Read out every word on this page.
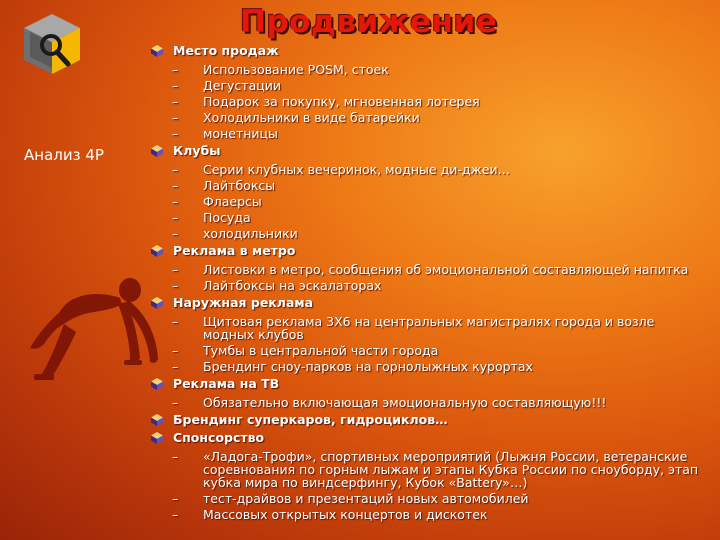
Продвижение
Анализ 4Р
Место продаж
– Использование POSM, стоек
– Дегустации
– Подарок за покупку, мгновенная лотерея
– Холодильники в виде батарейки
– монетницы
Клубы
– Серии клубных вечеринок, модные ди-джеи…
– Лайтбоксы
– Флаерсы
– Посуда
– холодильники
Реклама в метро
– Листовки в метро, сообщения об эмоциональной составляющей напитка
– Лайтбоксы на эскалаторах
Наружная реклама
– Щитовая реклама 3Х6 на центральных магистралях города и возле модных клубов
– Тумбы в центральной части города
– Брендинг сноу-парков на горнолыжных курортах
Реклама на ТВ
– Обязательно включающая эмоциональную составляющую!!!
Брендинг суперкаров, гидроциклов…
Спонсорство
– «Ладога-Трофи», спортивных мероприятий (Лыжня России, ветеранские соревнования по горным лыжам и этапы Кубка России по сноуборду, этап кубка мира по виндсерфингу, Кубок «Battery»…)
– тест-драйвов и презентаций новых автомобилей
– Массовых открытых концертов и дискотек
